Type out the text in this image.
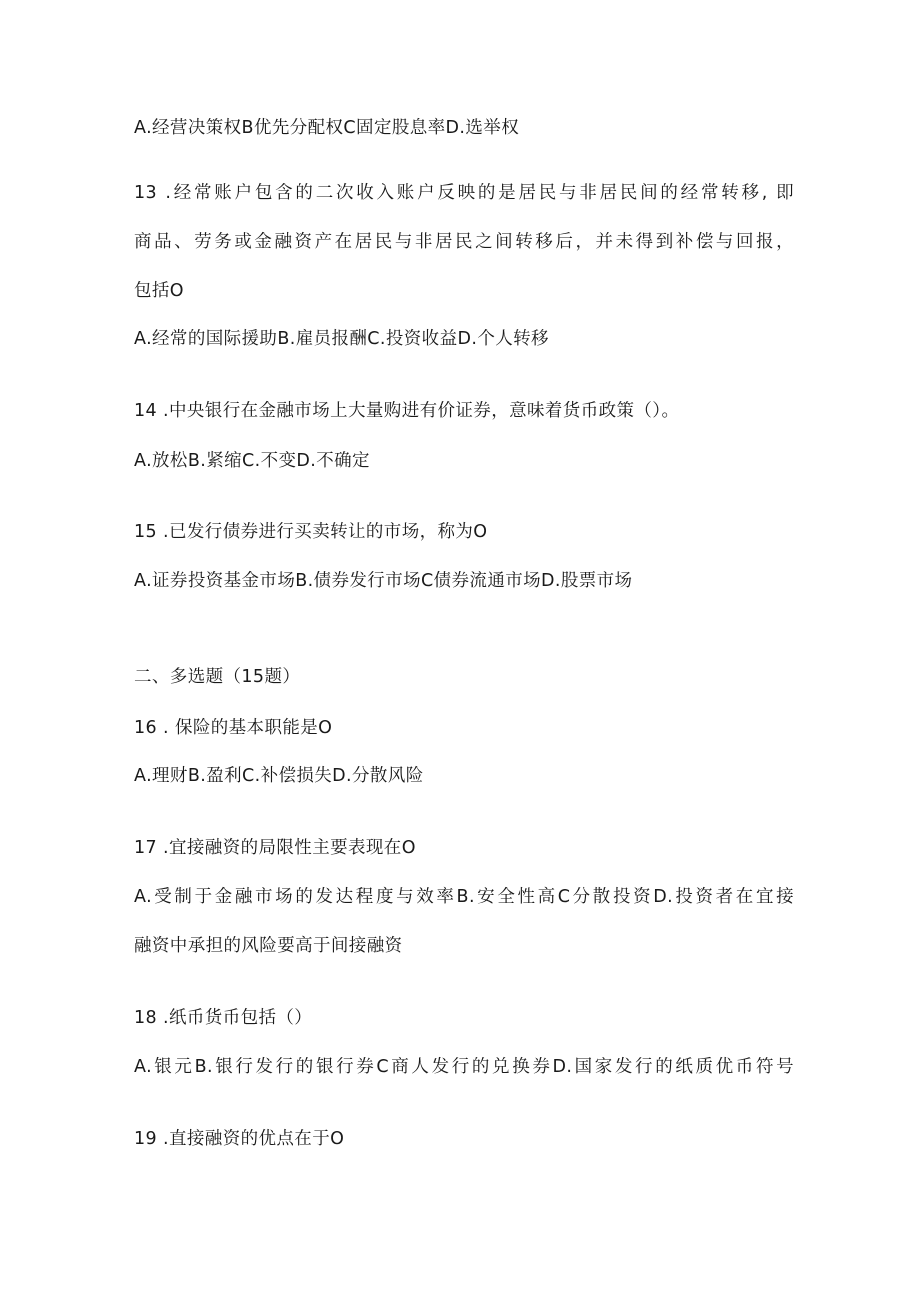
A.经营决策权B优先分配权C固定股息率D.选举权
13 .经常账户包含的二次收入账户反映的是居民与非居民间的经常转移, 即
商品、劳务或金融资产在居民与非居民之间转移后，并未得到补偿与回报，
包括O
A.经常的国际援助B.雇员报酬C.投资收益D.个人转移
14 .中央银行在金融市场上大量购进有价证券，意味着货币政策（）。
A.放松B.紧缩C.不变D.不确定
15 .已发行债券进行买卖转让的市场，称为O
A.证券投资基金市场B.债券发行市场C债券流通市场D.股票市场
二、多选题（15题）
16 . 保险的基本职能是O
A.理财B.盈利C.补偿损失D.分散风险
17 .宜接融资的局限性主要表现在O
A.受制于金融市场的发达程度与效率B.安全性高C分散投资D.投资者在宜接
融资中承担的风险要高于间接融资
18 .纸币货币包括（）
A.银元B.银行发行的银行券C商人发行的兑换券D.国家发行的纸质优币符号
19 .直接融资的优点在于O
